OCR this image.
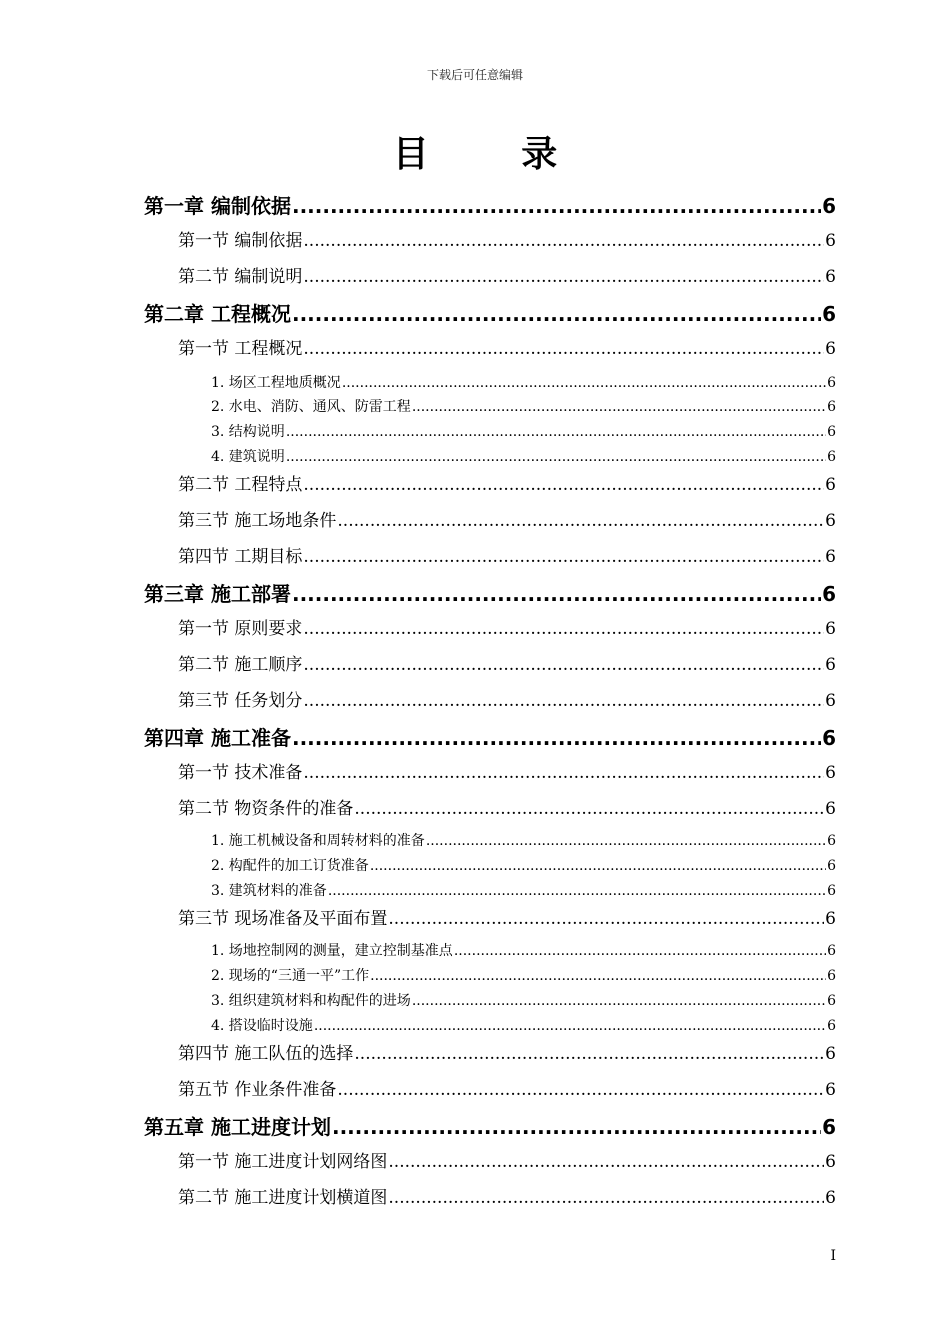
下载后可任意编辑
目 录
第一章 编制依据 .....	6
第一节 编制依据 .....	6
第二节 编制说明 .....	6
第二章 工程概况 .....	6
第一节 工程概况 .....	6
1. 场区工程地质概况 .....	6
2. 水电、消防、通风、防雷工程 .....	6
3. 结构说明 .....	6
4. 建筑说明 .....	6
第二节 工程特点 .....	6
第三节 施工场地条件 .....	6
第四节 工期目标 .....	6
第三章 施工部署 .....	6
第一节 原则要求 .....	6
第二节 施工顺序 .....	6
第三节 任务划分 .....	6
第四章 施工准备 .....	6
第一节 技术准备 .....	6
第二节 物资条件的准备 .....	6
1. 施工机械设备和周转材料的准备 .....	6
2. 构配件的加工订货准备 .....	6
3. 建筑材料的准备 .....	6
第三节 现场准备及平面布置 .....	6
1. 场地控制网的测量，建立控制基准点 .....	6
2. 现场的“三通一平”工作 .....	6
3. 组织建筑材料和构配件的进场 .....	6
4. 搭设临时设施 .....	6
第四节 施工队伍的选择 .....	6
第五节 作业条件准备 .....	6
第五章 施工进度计划 .....	6
第一节 施工进度计划网络图 .....	6
第二节 施工进度计划横道图 .....	6
I
